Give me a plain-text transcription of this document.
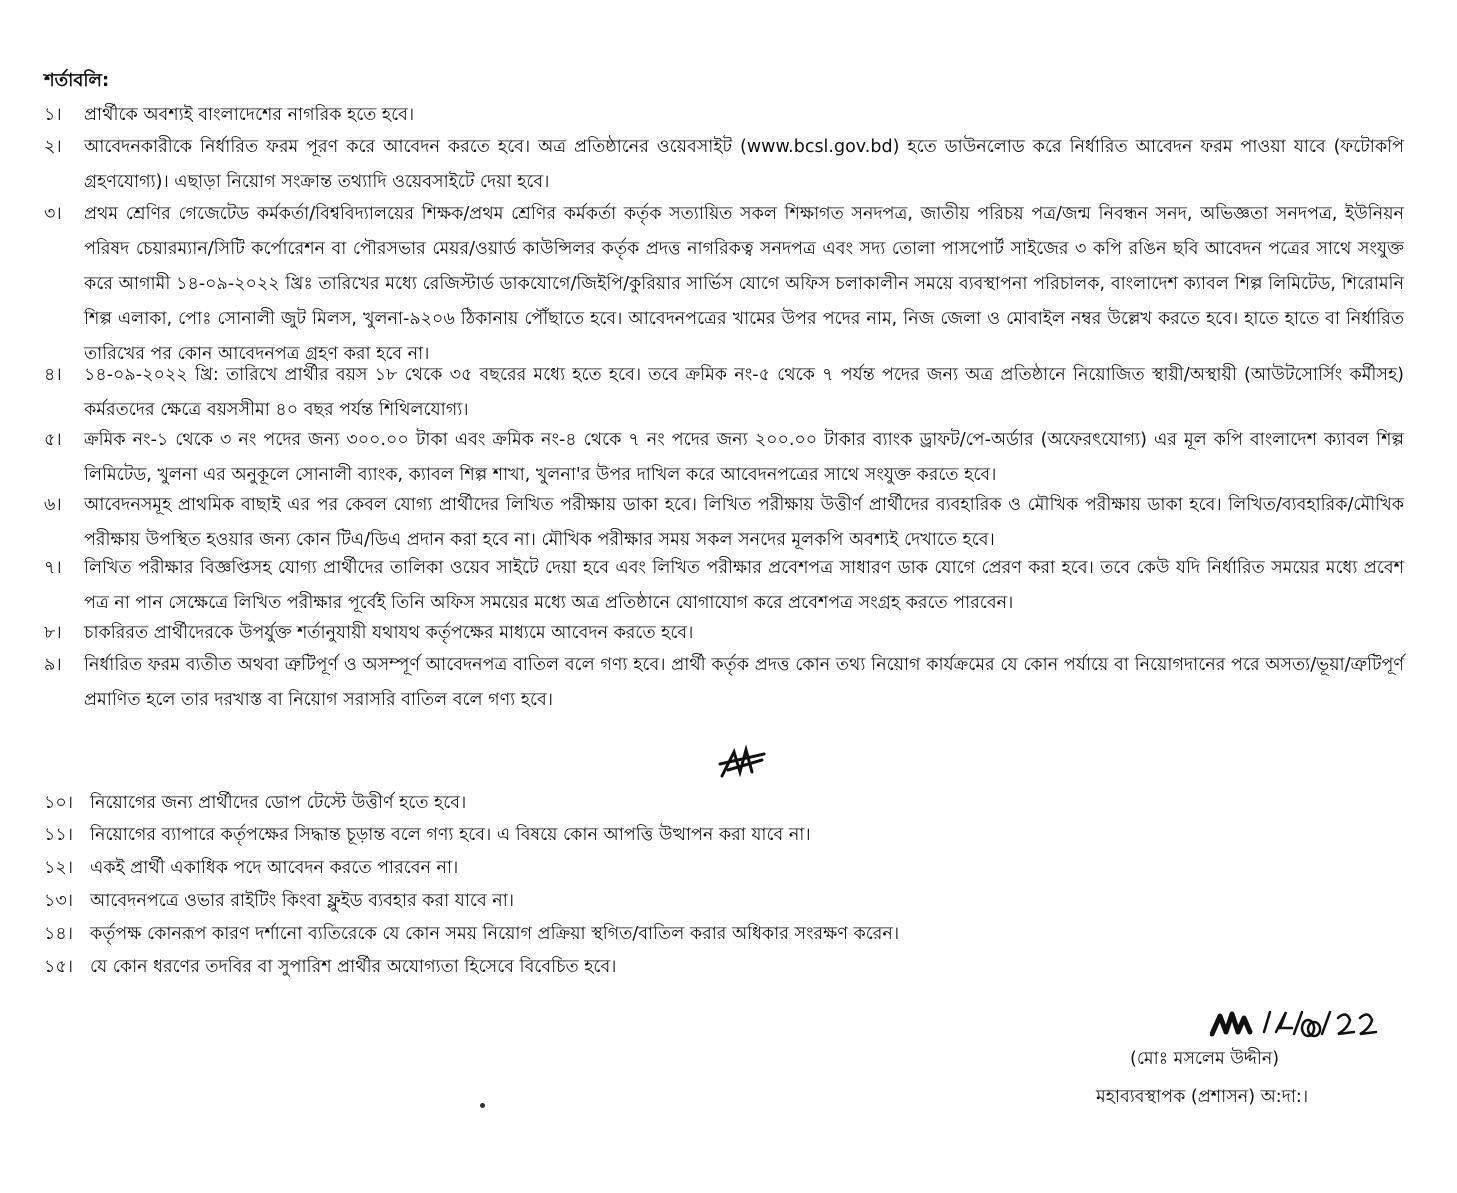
শর্তাবলি:
১।	প্রার্থীকে অবশ্যই বাংলাদেশের নাগরিক হতে হবে।
২।	আবেদনকারীকে নির্ধারিত ফরম পূরণ করে আবেদন করতে হবে। অত্র প্রতিষ্ঠানের ওয়েবসাইট (www.bcsl.gov.bd) হতে ডাউনলোড করে নির্ধারিত আবেদন ফরম পাওয়া যাবে (ফটোকপি গ্রহণযোগ্য)। এছাড়া নিয়োগ সংক্রান্ত তথ্যাদি ওয়েবসাইটে দেয়া হবে।
৩।	প্রথম শ্রেণির গেজেটেড কর্মকর্তা/বিশ্ববিদ্যালয়ের শিক্ষক/প্রথম শ্রেণির কর্মকর্তা কর্তৃক সত্যায়িত সকল শিক্ষাগত সনদপত্র, জাতীয় পরিচয় পত্র/জন্ম নিবন্ধন সনদ, অভিজ্ঞতা সনদপত্র, ইউনিয়ন পরিষদ চেয়ারম্যান/সিটি কর্পোরেশন বা পৌরসভার মেয়র/ওয়ার্ড কাউন্সিলর কর্তৃক প্রদত্ত নাগরিকত্ব সনদপত্র এবং সদ্য তোলা পাসপোর্ট সাইজের ৩ কপি রঙিন ছবি আবেদন পত্রের সাথে সংযুক্ত করে আগামী ১৪-০৯-২০২২ খ্রিঃ তারিখের মধ্যে রেজিস্টার্ড ডাকযোগে/জিইপি/কুরিয়ার সার্ভিস যোগে অফিস চলাকালীন সময়ে ব্যবস্থাপনা পরিচালক, বাংলাদেশ ক্যাবল শিল্প লিমিটেড, শিরোমনি শিল্প এলাকা, পোঃ সোনালী জুট মিলস, খুলনা-৯২০৬ ঠিকানায় পৌঁছাতে হবে। আবেদনপত্রের খামের উপর পদের নাম, নিজ জেলা ও মোবাইল নম্বর উল্লেখ করতে হবে। হাতে হাতে বা নির্ধারিত তারিখের পর কোন আবেদনপত্র গ্রহণ করা হবে না।
৪।	১৪-০৯-২০২২ খ্রি: তারিখে প্রার্থীর বয়স ১৮ থেকে ৩৫ বছরের মধ্যে হতে হবে। তবে ক্রমিক নং-৫ থেকে ৭ পর্যন্ত পদের জন্য অত্র প্রতিষ্ঠানে নিয়োজিত স্থায়ী/অস্থায়ী (আউটসোর্সিং কর্মীসহ) কর্মরতদের ক্ষেত্রে বয়সসীমা ৪০ বছর পর্যন্ত শিথিলযোগ্য।
৫।	ক্রমিক নং-১ থেকে ৩ নং পদের জন্য ৩০০.০০ টাকা এবং ক্রমিক নং-৪ থেকে ৭ নং পদের জন্য ২০০.০০ টাকার ব্যাংক ড্রাফট/পে-অর্ডার (অফেরৎযোগ্য) এর মূল কপি বাংলাদেশ ক্যাবল শিল্প লিমিটেড, খুলনা এর অনুকূলে সোনালী ব্যাংক, ক্যাবল শিল্প শাখা, খুলনা'র উপর দাখিল করে আবেদনপত্রের সাথে সংযুক্ত করতে হবে।
৬।	আবেদনসমূহ প্রাথমিক বাছাই এর পর কেবল যোগ্য প্রার্থীদের লিখিত পরীক্ষায় ডাকা হবে। লিখিত পরীক্ষায় উত্তীর্ণ প্রার্থীদের ব্যবহারিক ও মৌখিক পরীক্ষায় ডাকা হবে। লিখিত/ব্যবহারিক/মৌখিক পরীক্ষায় উপস্থিত হওয়ার জন্য কোন টিএ/ডিএ প্রদান করা হবে না। মৌখিক পরীক্ষার সময় সকল সনদের মূলকপি অবশ্যই দেখাতে হবে।
৭।	লিখিত পরীক্ষার বিজ্ঞপ্তিসহ যোগ্য প্রার্থীদের তালিকা ওয়েব সাইটে দেয়া হবে এবং লিখিত পরীক্ষার প্রবেশপত্র সাধারণ ডাক যোগে প্রেরণ করা হবে। তবে কেউ যদি নির্ধারিত সময়ের মধ্যে প্রবেশ পত্র না পান সেক্ষেত্রে লিখিত পরীক্ষার পূর্বেই তিনি অফিস সময়ের মধ্যে অত্র প্রতিষ্ঠানে যোগাযোগ করে প্রবেশপত্র সংগ্রহ করতে পারবেন।
৮।	চাকরিরত প্রার্থীদেরকে উপর্যুক্ত শর্তানুযায়ী যথাযথ কর্তৃপক্ষের মাধ্যমে আবেদন করতে হবে।
৯।	নির্ধারিত ফরম ব্যতীত অথবা ত্রুটিপূর্ণ ও অসম্পূর্ণ আবেদনপত্র বাতিল বলে গণ্য হবে। প্রার্থী কর্তৃক প্রদত্ত কোন তথ্য নিয়োগ কার্যক্রমের যে কোন পর্যায়ে বা নিয়োগদানের পরে অসত্য/ভূয়া/ত্রুটিপূর্ণ প্রমাণিত হলে তার দরখাস্ত বা নিয়োগ সরাসরি বাতিল বলে গণ্য হবে।
১০। নিয়োগের জন্য প্রার্থীদের ডোপ টেস্টে উত্তীর্ণ হতে হবে।
১১। নিয়োগের ব্যাপারে কর্তৃপক্ষের সিদ্ধান্ত চূড়ান্ত বলে গণ্য হবে। এ বিষয়ে কোন আপত্তি উত্থাপন করা যাবে না।
১২। একই প্রার্থী একাধিক পদে আবেদন করতে পারবেন না।
১৩। আবেদনপত্রে ওভার রাইটিং কিংবা ফ্লুইড ব্যবহার করা যাবে না।
১৪। কর্তৃপক্ষ কোনরূপ কারণ দর্শানো ব্যতিরেকে যে কোন সময় নিয়োগ প্রক্রিয়া স্থগিত/বাতিল করার অধিকার সংরক্ষণ করেন।
১৫। যে কোন ধরণের তদবির বা সুপারিশ প্রার্থীর অযোগ্যতা হিসেবে বিবেচিত হবে।
(মোঃ মসলেম উদ্দীন)
মহাব্যবস্থাপক (প্রশাসন) অ:দা:।
